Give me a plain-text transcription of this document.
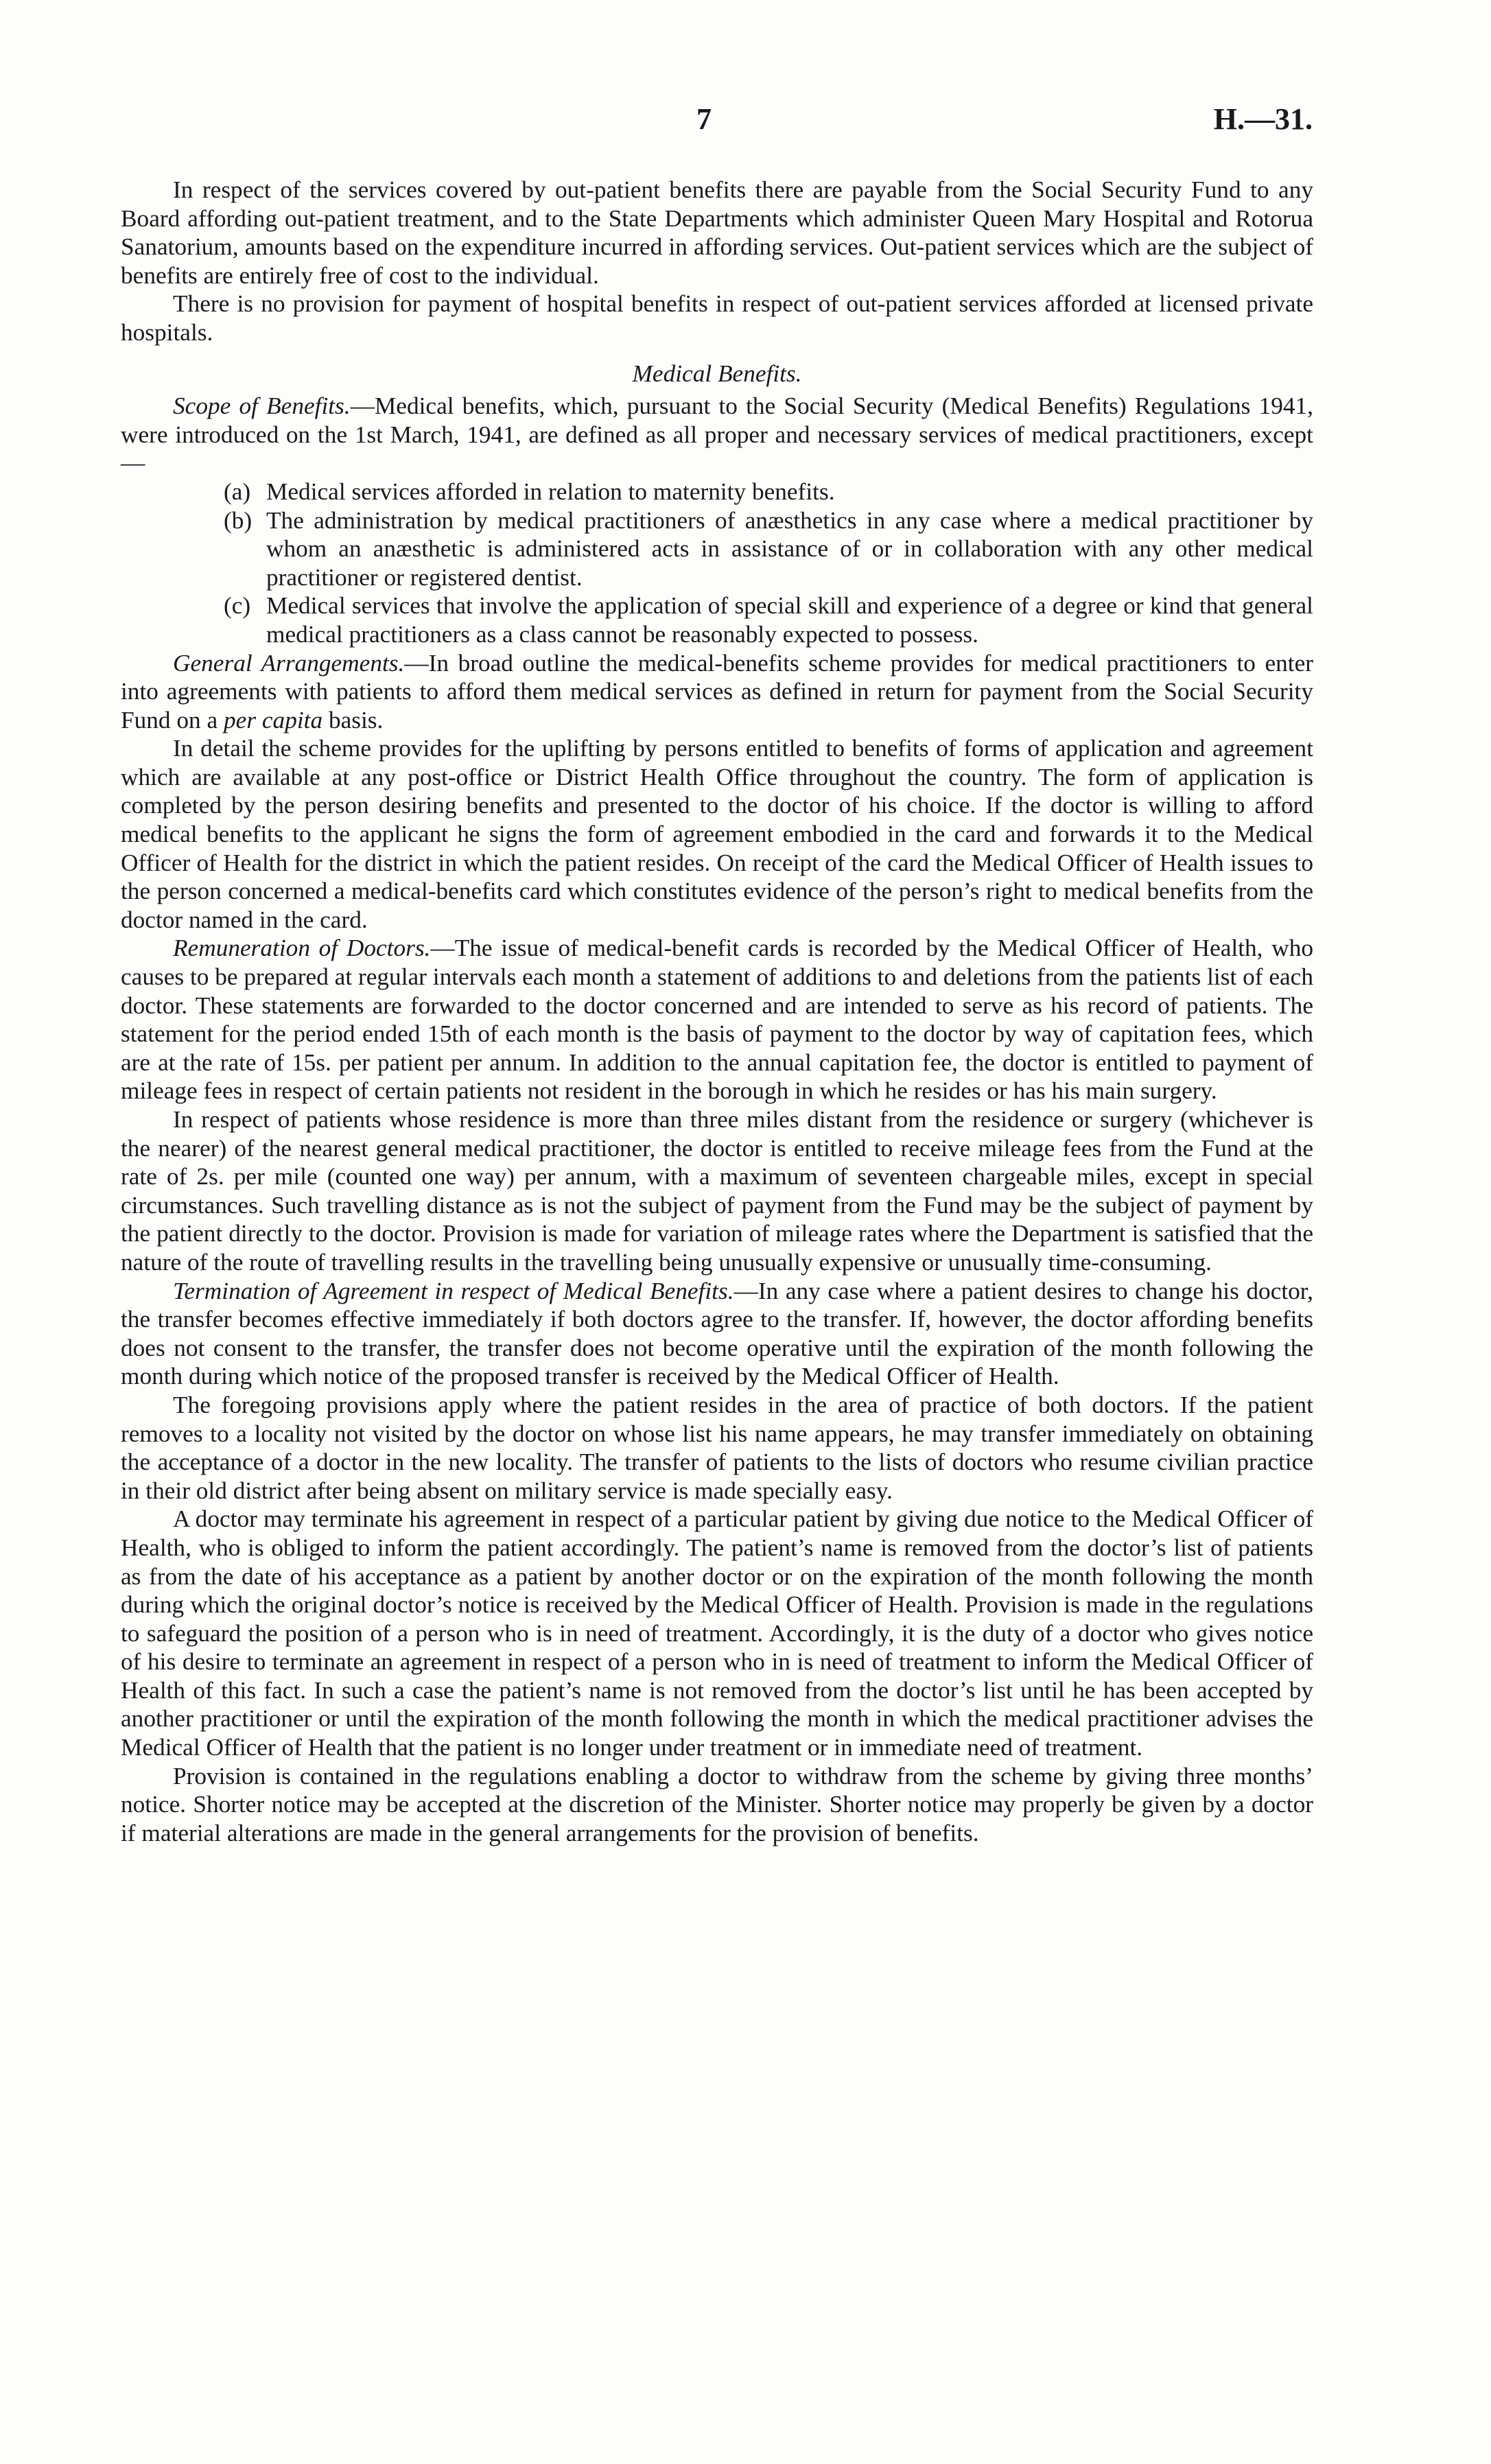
7	H.—31.

In respect of the services covered by out-patient benefits there are payable from the Social Security Fund to any Board affording out-patient treatment, and to the State Departments which administer Queen Mary Hospital and Rotorua Sanatorium, amounts based on the expenditure incurred in affording services. Out-patient services which are the subject of benefits are entirely free of cost to the individual.

There is no provision for payment of hospital benefits in respect of out-patient services afforded at licensed private hospitals.

Medical Benefits.

Scope of Benefits.—Medical benefits, which, pursuant to the Social Security (Medical Benefits) Regulations 1941, were introduced on the 1st March, 1941, are defined as all proper and necessary services of medical practitioners, except—

(a) Medical services afforded in relation to maternity benefits.
(b) The administration by medical practitioners of anæsthetics in any case where a medical practitioner by whom an anæsthetic is administered acts in assistance of or in collaboration with any other medical practitioner or registered dentist.
(c) Medical services that involve the application of special skill and experience of a degree or kind that general medical practitioners as a class cannot be reasonably expected to possess.

General Arrangements.—In broad outline the medical-benefits scheme provides for medical practitioners to enter into agreements with patients to afford them medical services as defined in return for payment from the Social Security Fund on a per capita basis.

In detail the scheme provides for the uplifting by persons entitled to benefits of forms of application and agreement which are available at any post-office or District Health Office throughout the country. The form of application is completed by the person desiring benefits and presented to the doctor of his choice. If the doctor is willing to afford medical benefits to the applicant he signs the form of agreement embodied in the card and forwards it to the Medical Officer of Health for the district in which the patient resides. On receipt of the card the Medical Officer of Health issues to the person concerned a medical-benefits card which constitutes evidence of the person’s right to medical benefits from the doctor named in the card.

Remuneration of Doctors.—The issue of medical-benefit cards is recorded by the Medical Officer of Health, who causes to be prepared at regular intervals each month a statement of additions to and deletions from the patients list of each doctor. These statements are forwarded to the doctor concerned and are intended to serve as his record of patients. The statement for the period ended 15th of each month is the basis of payment to the doctor by way of capitation fees, which are at the rate of 15s. per patient per annum. In addition to the annual capitation fee, the doctor is entitled to payment of mileage fees in respect of certain patients not resident in the borough in which he resides or has his main surgery.

In respect of patients whose residence is more than three miles distant from the residence or surgery (whichever is the nearer) of the nearest general medical practitioner, the doctor is entitled to receive mileage fees from the Fund at the rate of 2s. per mile (counted one way) per annum, with a maximum of seventeen chargeable miles, except in special circumstances. Such travelling distance as is not the subject of payment from the Fund may be the subject of payment by the patient directly to the doctor. Provision is made for variation of mileage rates where the Department is satisfied that the nature of the route of travelling results in the travelling being unusually expensive or unusually time-consuming.

Termination of Agreement in respect of Medical Benefits.—In any case where a patient desires to change his doctor, the transfer becomes effective immediately if both doctors agree to the transfer. If, however, the doctor affording benefits does not consent to the transfer, the transfer does not become operative until the expiration of the month following the month during which notice of the proposed transfer is received by the Medical Officer of Health.

The foregoing provisions apply where the patient resides in the area of practice of both doctors. If the patient removes to a locality not visited by the doctor on whose list his name appears, he may transfer immediately on obtaining the acceptance of a doctor in the new locality. The transfer of patients to the lists of doctors who resume civilian practice in their old district after being absent on military service is made specially easy.

A doctor may terminate his agreement in respect of a particular patient by giving due notice to the Medical Officer of Health, who is obliged to inform the patient accordingly. The patient’s name is removed from the doctor’s list of patients as from the date of his acceptance as a patient by another doctor or on the expiration of the month following the month during which the original doctor’s notice is received by the Medical Officer of Health. Provision is made in the regulations to safeguard the position of a person who is in need of treatment. Accordingly, it is the duty of a doctor who gives notice of his desire to terminate an agreement in respect of a person who in is need of treatment to inform the Medical Officer of Health of this fact. In such a case the patient’s name is not removed from the doctor’s list until he has been accepted by another practitioner or until the expiration of the month following the month in which the medical practitioner advises the Medical Officer of Health that the patient is no longer under treatment or in immediate need of treatment.

Provision is contained in the regulations enabling a doctor to withdraw from the scheme by giving three months’ notice. Shorter notice may be accepted at the discretion of the Minister. Shorter notice may properly be given by a doctor if material alterations are made in the general arrangements for the provision of benefits.
